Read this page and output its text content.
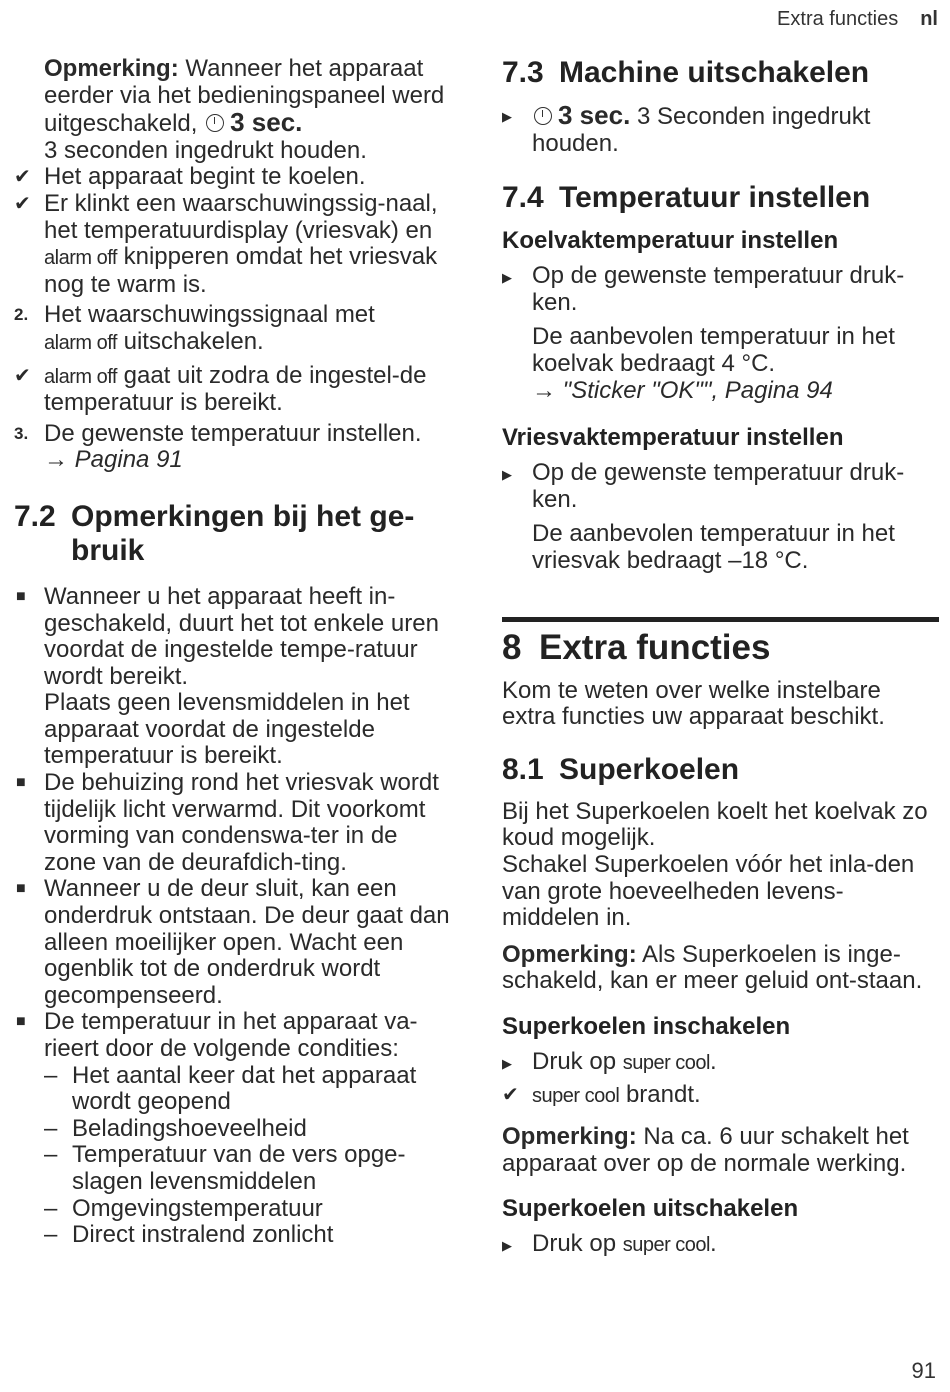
Extra functies nl
Opmerking: Wanneer het apparaat eerder via het bedieningspaneel werd uitgeschakeld, 3 sec.
3 seconden ingedrukt houden.
✔ Het apparaat begint te koelen.
✔ Er klinkt een waarschuwingssig-naal, het temperatuurdisplay (vriesvak) en alarm off knipperen omdat het vriesvak nog te warm is.
2. Het waarschuwingssignaal met
alarm off uitschakelen.
✔ alarm off gaat uit zodra de ingestel-de temperatuur is bereikt.
3. De gewenste temperatuur instellen.
→ Pagina 91
7.2 Opmerkingen bij het ge-bruik
■ Wanneer u het apparaat heeft in-geschakeld, duurt het tot enkele uren voordat de ingestelde tempe-ratuur wordt bereikt.
Plaats geen levensmiddelen in het apparaat voordat de ingestelde temperatuur is bereikt.
■ De behuizing rond het vriesvak wordt tijdelijk licht verwarmd. Dit voorkomt vorming van condenswa-ter in de zone van de deurafdich-ting.
■ Wanneer u de deur sluit, kan een onderdruk ontstaan. De deur gaat dan alleen moeilijker open. Wacht een ogenblik tot de onderdruk wordt gecompenseerd.
■ De temperatuur in het apparaat va-rieert door de volgende condities:
– Het aantal keer dat het apparaat wordt geopend
– Beladingshoeveelheid
– Temperatuur van de vers opge-slagen levensmiddelen
– Omgevingstemperatuur
– Direct instralend zonlicht
7.3 Machine uitschakelen
▶	3 sec. 3 Seconden ingedrukt houden.
7.4 Temperatuur instellen
Koelvaktemperatuur instellen
▶ Op de gewenste temperatuur druk-ken.
De aanbevolen temperatuur in het koelvak bedraagt 4 °C.
→ "Sticker "OK"", Pagina 94
Vriesvaktemperatuur instellen
▶ Op de gewenste temperatuur druk-ken.
De aanbevolen temperatuur in het vriesvak bedraagt –18 °C.
8 Extra functies
Kom te weten over welke instelbare extra functies uw apparaat beschikt.
8.1 Superkoelen
Bij het Superkoelen koelt het koelvak zo koud mogelijk.
Schakel Superkoelen vóór het inla-den van grote hoeveelheden levens-middelen in.
Opmerking: Als Superkoelen is inge-schakeld, kan er meer geluid ont-staan.
Superkoelen inschakelen
▶ Druk op super cool.
✔ super cool brandt.
Opmerking: Na ca. 6 uur schakelt het apparaat over op de normale werking.
Superkoelen uitschakelen
▶ Druk op super cool.
91
